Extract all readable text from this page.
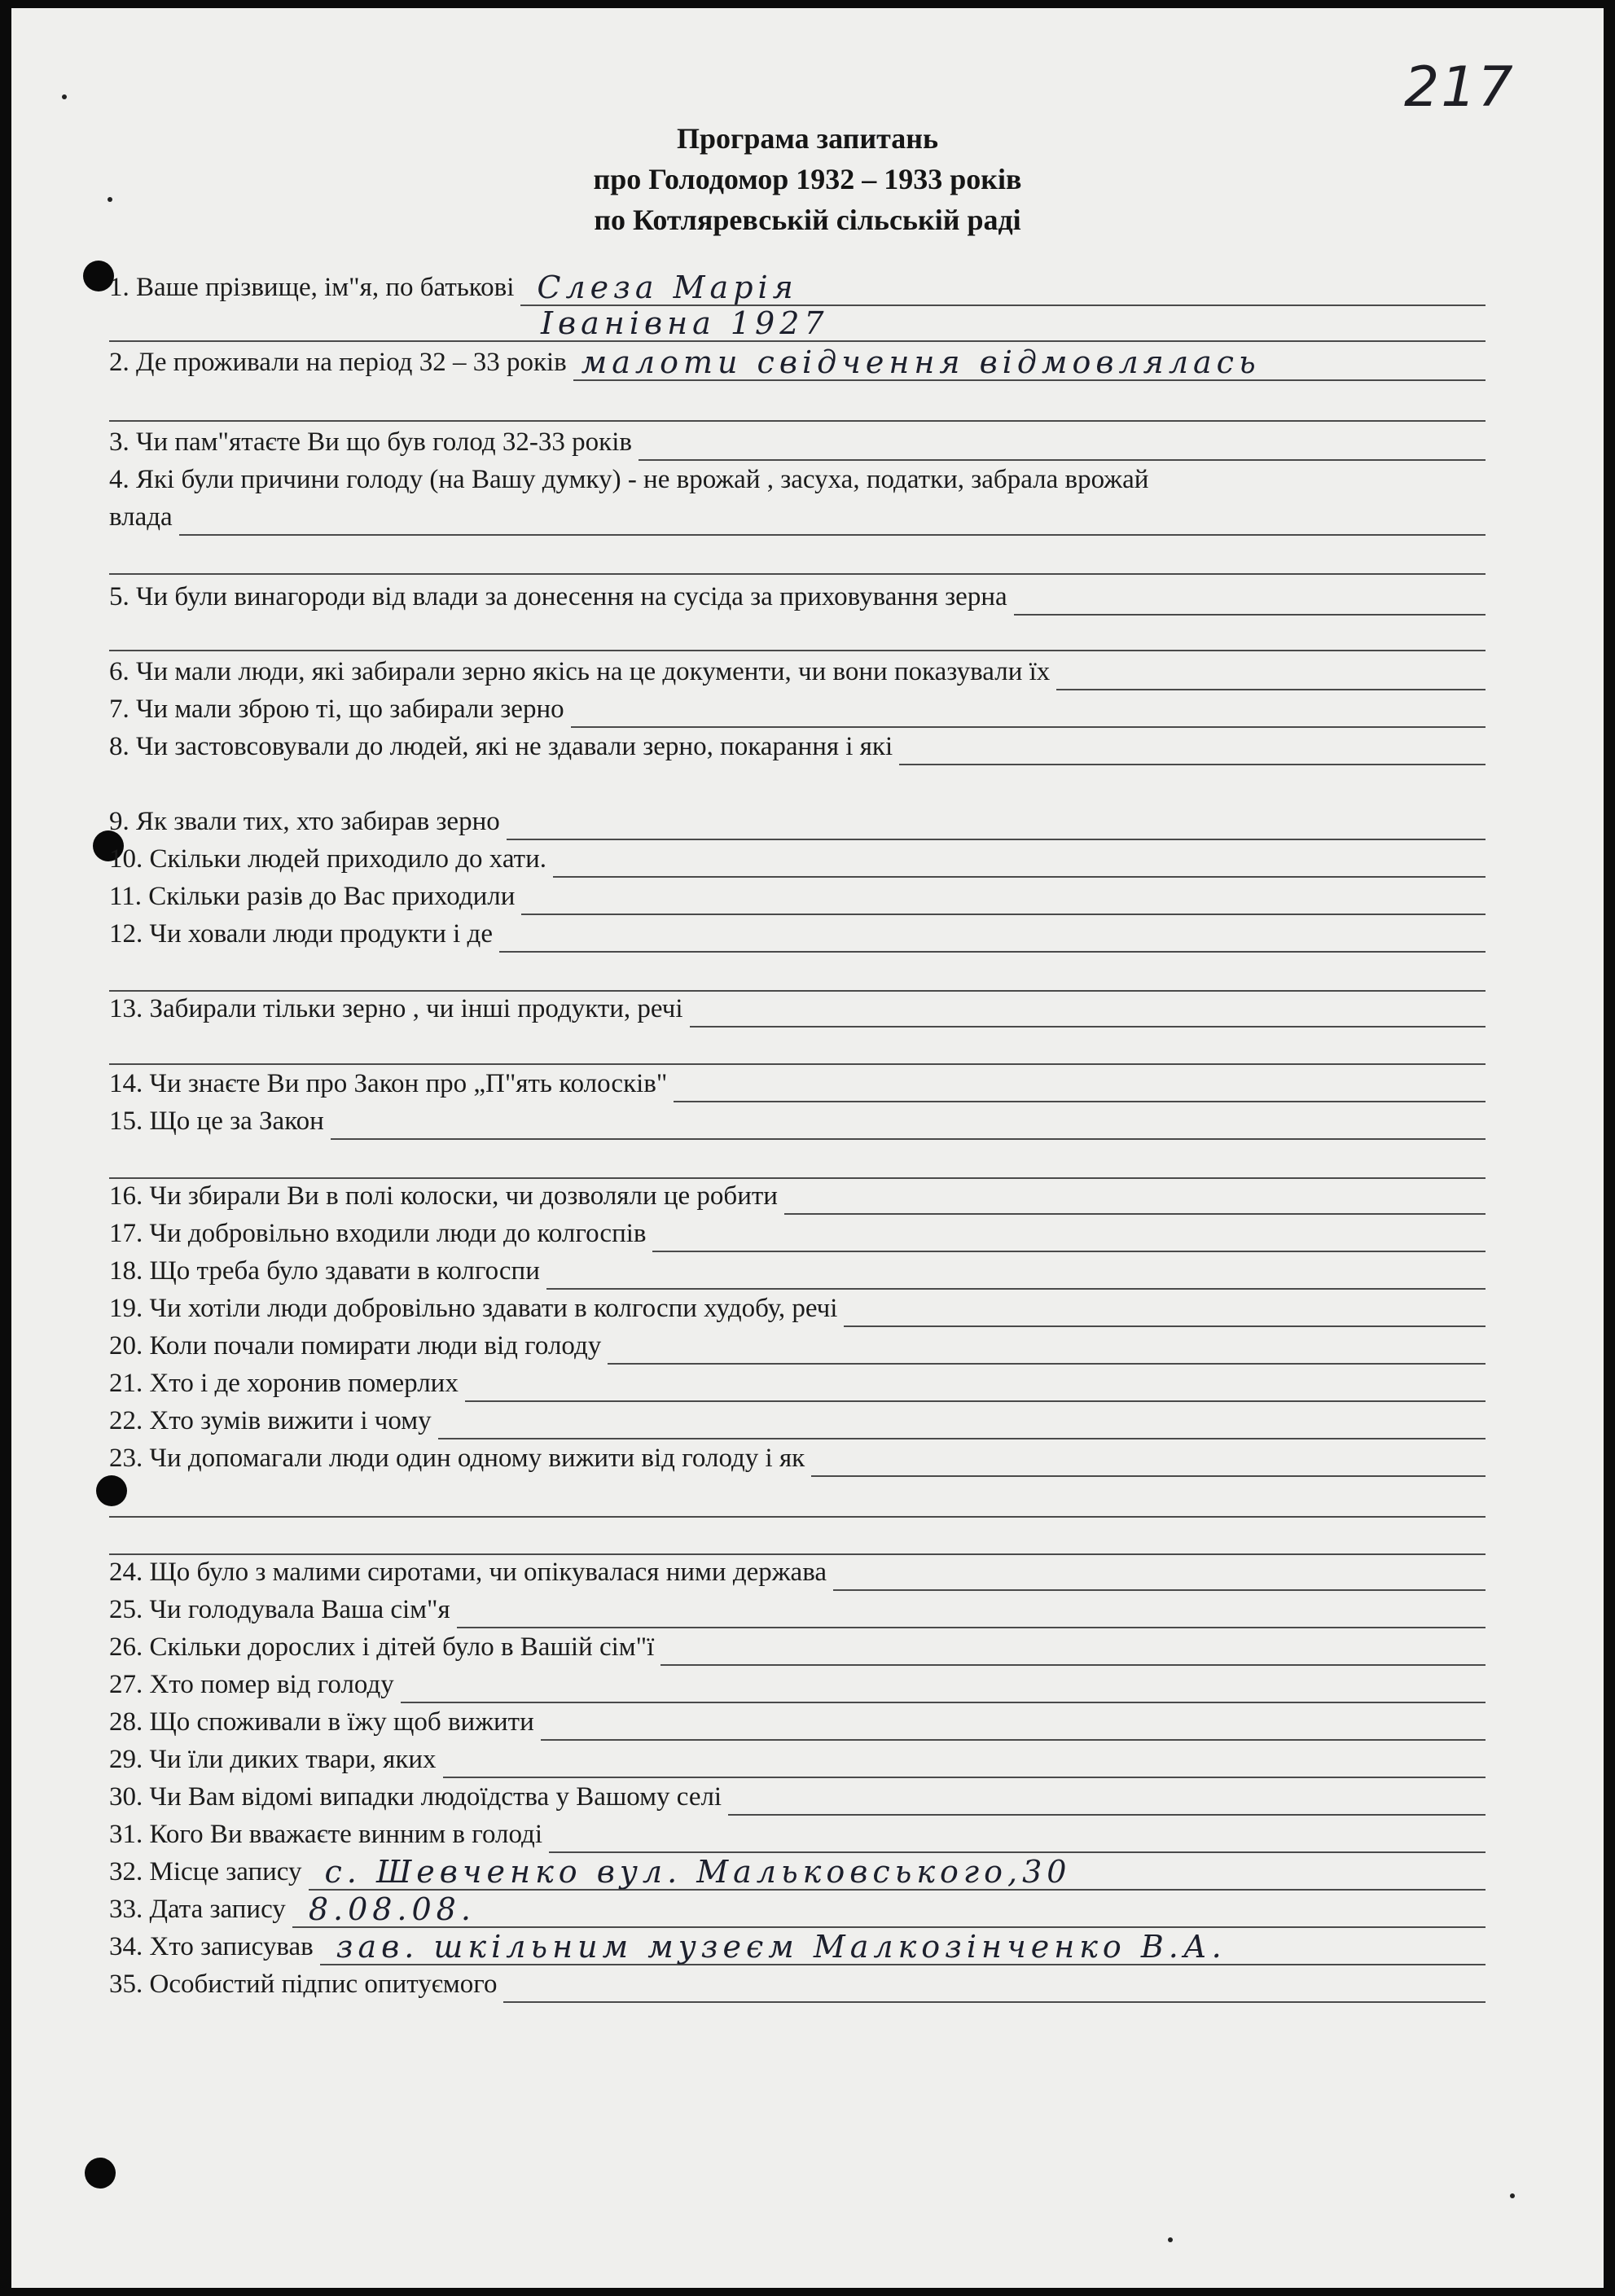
217
Програма запитань
про Голодомор 1932 – 1933 років
по Котляревській сільській раді
1. Ваше прізвище, ім"я, по батькові Слеза Марія
Іванівна 1927
2. Де проживали на період 32 – 33 років малоти свідчення відмовлялась
3. Чи пам"ятаєте Ви що був голод 32-33 років
4. Які були причини голоду (на Вашу думку) - не врожай , засуха, податки, забрала врожай
влада
5. Чи були винагороди від влади за донесення на сусіда за приховування зерна
6. Чи мали люди, які забирали зерно якісь на це документи, чи вони показували їх
7. Чи мали зброю ті, що забирали зерно
8. Чи застовсовували до людей, які не здавали зерно, покарання і які
9. Як звали тих, хто забирав зерно
10. Скільки людей приходило до хати.
11. Скільки разів до Вас приходили
12. Чи ховали люди продукти і де
13. Забирали тільки зерно , чи інші продукти, речі
14. Чи знаєте Ви про Закон про „П"ять колосків"
15. Що це за Закон
16. Чи збирали Ви в полі колоски, чи дозволяли це робити
17. Чи добровільно входили люди до колгоспів
18. Що треба було здавати в колгоспи
19. Чи хотіли люди добровільно здавати в колгоспи худобу, речі
20. Коли почали помирати люди від голоду
21. Хто і де хоронив померлих
22. Хто зумів вижити і чому
23. Чи допомагали люди один одному вижити від голоду і як
24. Що було з малими сиротами, чи опікувалася ними держава
25. Чи голодувала Ваша сім"я
26. Скільки дорослих і дітей було в Вашій сім"ї
27. Хто помер від голоду
28. Що споживали в їжу щоб вижити
29. Чи їли диких твари, яких
30. Чи Вам відомі випадки людоїдства у Вашому селі
31. Кого Ви вважаєте винним в голоді
32. Місце запису с. Шевченко вул. Мальковського,30
33. Дата запису 8.08.08.
34. Хто записував зав. шкільним музеєм Малкозінченко В.А.
35. Особистий підпис опитуємого
